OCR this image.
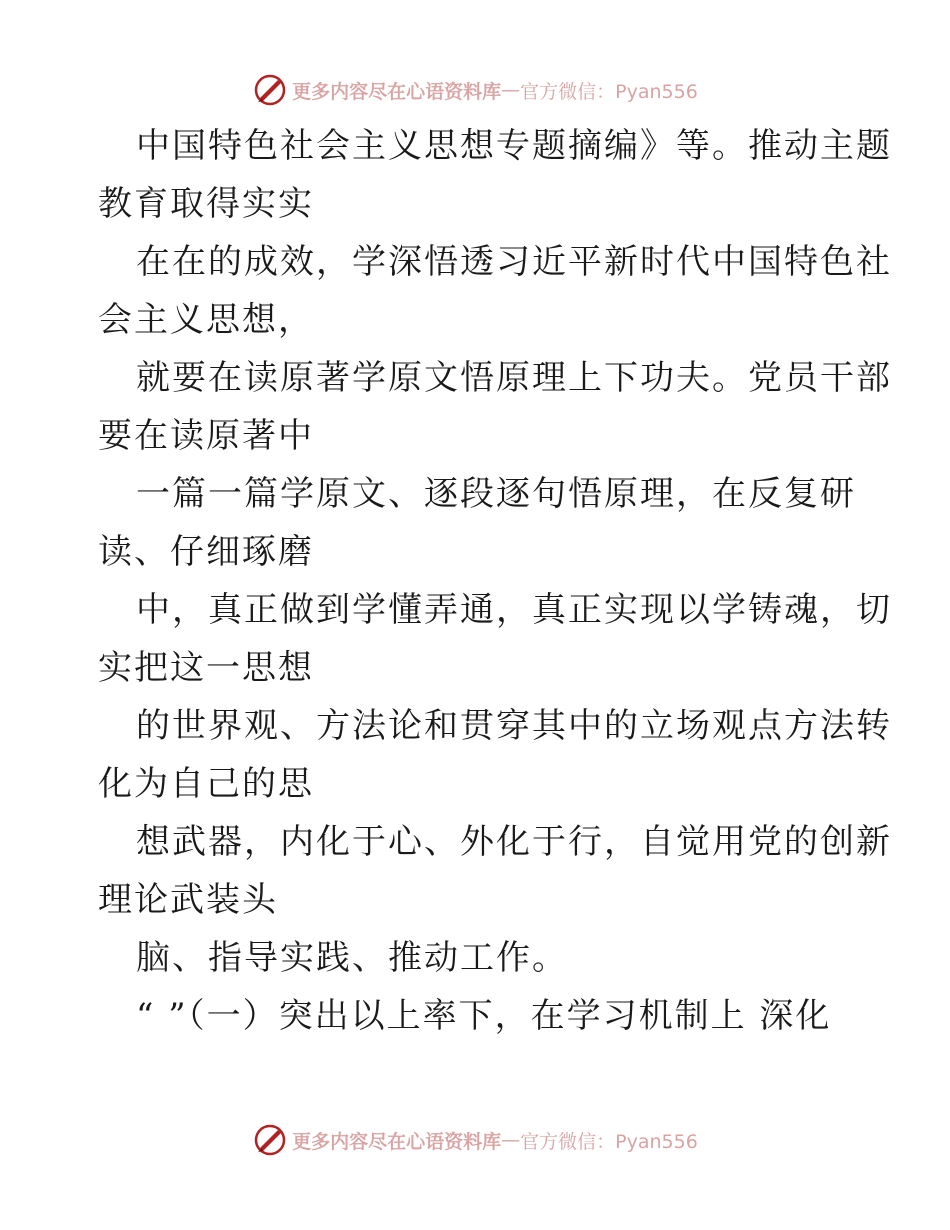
更多内容尽在心语资料库 — 官方微信：Pyan556
中国特色社会主义思想专题摘编》等。推动主题
教育取得实实
在在的成效，学深悟透习近平新时代中国特色社
会主义思想，
就要在读原著学原文悟原理上下功夫。党员干部
要在读原著中
一篇一篇学原文、逐段逐句悟原理，在反复研
读、仔细琢磨
中，真正做到学懂弄通，真正实现以学铸魂，切
实把这一思想
的世界观、方法论和贯穿其中的立场观点方法转
化为自己的思
想武器，内化于心、外化于行，自觉用党的创新
理论武装头
脑、指导实践、推动工作。
“ ”（一）突出以上率下，在学习机制上 深化
更多内容尽在心语资料库 — 官方微信：Pyan556
